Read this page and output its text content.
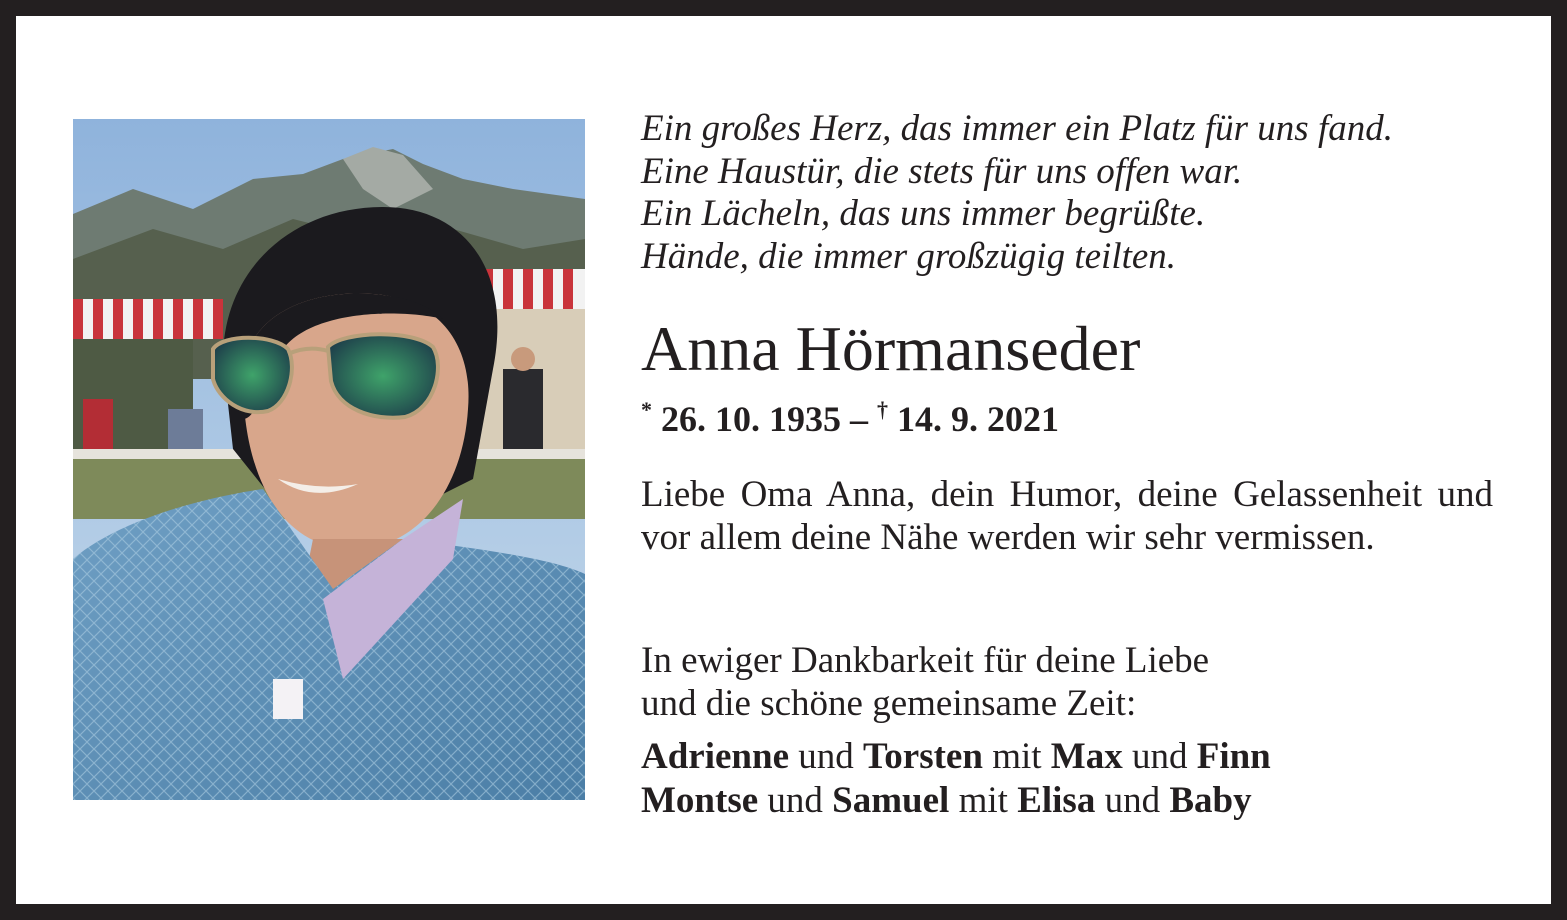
Ein großes Herz, das immer ein Platz für uns fand.
Eine Haustür, die stets für uns offen war.
Ein Lächeln, das uns immer begrüßte.
Hände, die immer großzügig teilten.
Anna Hörmanseder
* 26. 10. 1935 – † 14. 9. 2021
Liebe Oma Anna, dein Humor, deine Gelassenheit und vor allem deine Nähe werden wir sehr vermissen.
In ewiger Dankbarkeit für deine Liebe
und die schöne gemeinsame Zeit:
Adrienne und Torsten mit Max und Finn
Montse und Samuel mit Elisa und Baby
